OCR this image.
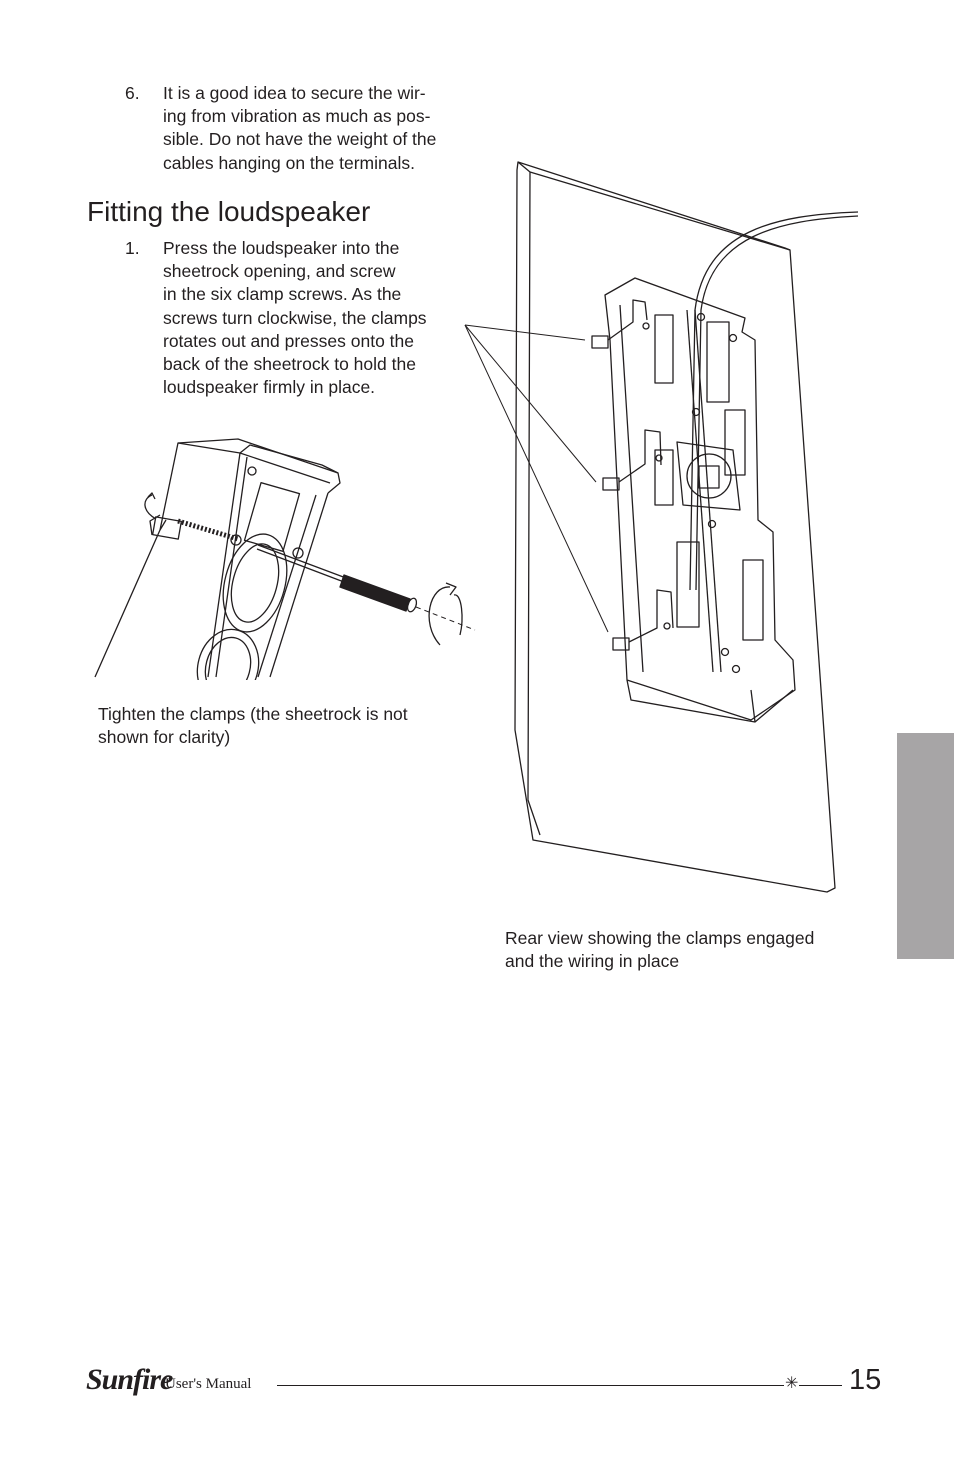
6. It is a good idea to secure the wir-
ing from vibration as much as pos-
sible. Do not have the weight of the
cables hanging on the terminals.
Fitting the loudspeaker
1. Press the loudspeaker into the
sheetrock opening, and screw
in the six clamp screws. As the
screws turn clockwise, the clamps
rotates out and presses onto the
back of the sheetrock to hold the
loudspeaker firmly in place.
Tighten the clamps (the sheetrock is not
shown for clarity)
Rear view showing the clamps engaged
and the wiring in place
Sunfire
User's Manual	✳ 15
